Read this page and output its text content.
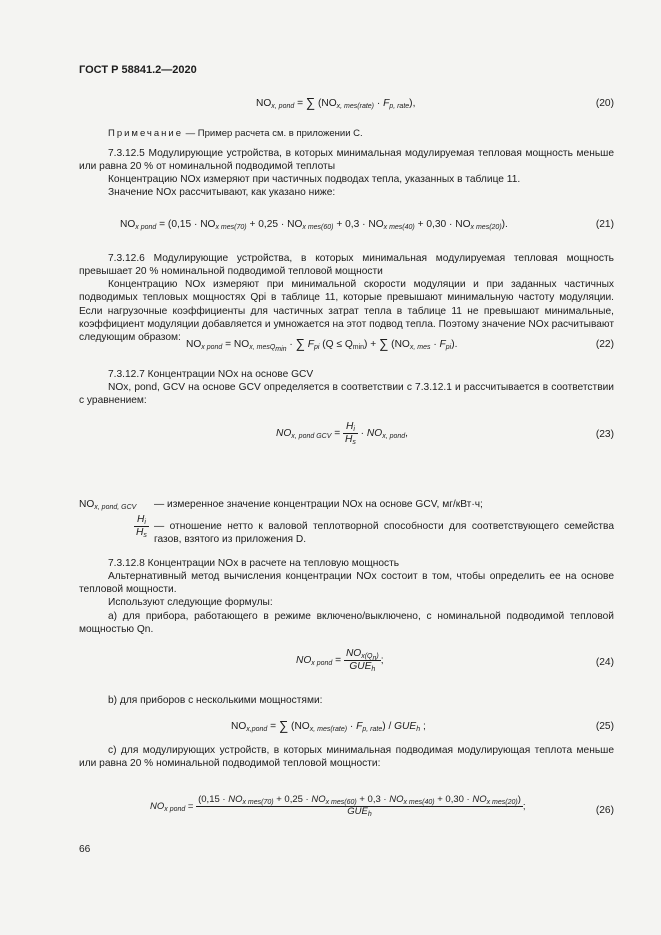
ГОСТ Р 58841.2—2020
$NO_{x, pond}$ = ∑ $(NO_{x, mes(rate)} \cdot F_{p, rate})$,	(20)
Примечание — Пример расчета см. в приложении С.
7.3.12.5 Модулирующие устройства, в которых минимальная модулируемая тепловая мощность меньше или равна 20 % от номинальной подводимой теплоты
Концентрацию NOx измеряют при частичных подводах тепла, указанных в таблице 11.
Значение NOx рассчитывают, как указано ниже:
$NO_{x pond} = (0,15 \cdot NO_{x mes(70)} + 0,25 \cdot NO_{x mes(60)} + 0,3 \cdot NO_{x mes(40)} + 0,30 \cdot NO_{x mes(20)})$.	(21)
7.3.12.6 Модулирующие устройства, в которых минимальная модулируемая тепловая мощность превышает 20 % номинальной подводимой тепловой мощности
Концентрацию NOx измеряют при минимальной скорости модуляции и при заданных частичных подводимых тепловых мощностях Qpi в таблице 11, которые превышают минимальную частоту модуляции. Если нагрузочные коэффициенты для частичных затрат тепла в таблице 11 не превышают минимальные, коэффициент модуляции добавляется и умножается на этот подвод тепла. Поэтому значение NOx расчитывают следующим образом:
$NO_{x pond} = NO_{x, mesQ_{min}}$ · ∑ $F_{pi}$ $(Q \le Q_{min})$ + ∑ $(NO_{x, mes} \cdot F_{pi})$.	(22)
7.3.12.7 Концентрации NOx на основе GCV
NOx, pond, GCV на основе GCV определяется в соответствии с 7.3.12.1 и рассчитывается в соответствии с уравнением:
$NO_{x, pond GCV} = \frac{H_i}{H_s} \cdot NO_{x, pond}$,	(23)
$NO_{x, pond, GCV}$ — измеренное значение концентрации NOx на основе GCV, мг/кВт·ч;
$\frac{H_i}{H_s}$ — отношение нетто к валовой теплотворной способности для соответствующего семейства газов, взятого из приложения D.
7.3.12.8 Концентрации NOx в расчете на тепловую мощность
Альтернативный метод вычисления концентрации NOx состоит в том, чтобы определить ее на основе тепловой мощности.
Используют следующие формулы:
а) для прибора, работающего в режиме включено/выключено, с номинальной подводимой тепловой мощностью Qn.
$NO_{x pond} = \frac{NO_{x(Q_n)}}{GUE_h}$ ;	(24)
b) для приборов с несколькими мощностями:
$NO_{x,pond}$ = ∑ $(NO_{x, mes(rate)} \cdot F_{p, rate}) / GUE_h$ ;	(25)
с) для модулирующих устройств, в которых минимальная подводимая модулирующая теплота меньше или равна 20 % номинальной подводимой тепловой мощности:
$NO_{x pond}$ =
$(0,15 \cdot NO_{x mes(70)} + 0,25 \cdot NO_{x mes(60)} + 0,3 \cdot NO_{x mes(40)} + 0,30 \cdot NO_{x mes(20)})$
$GUE_h$
;	(26)
66
